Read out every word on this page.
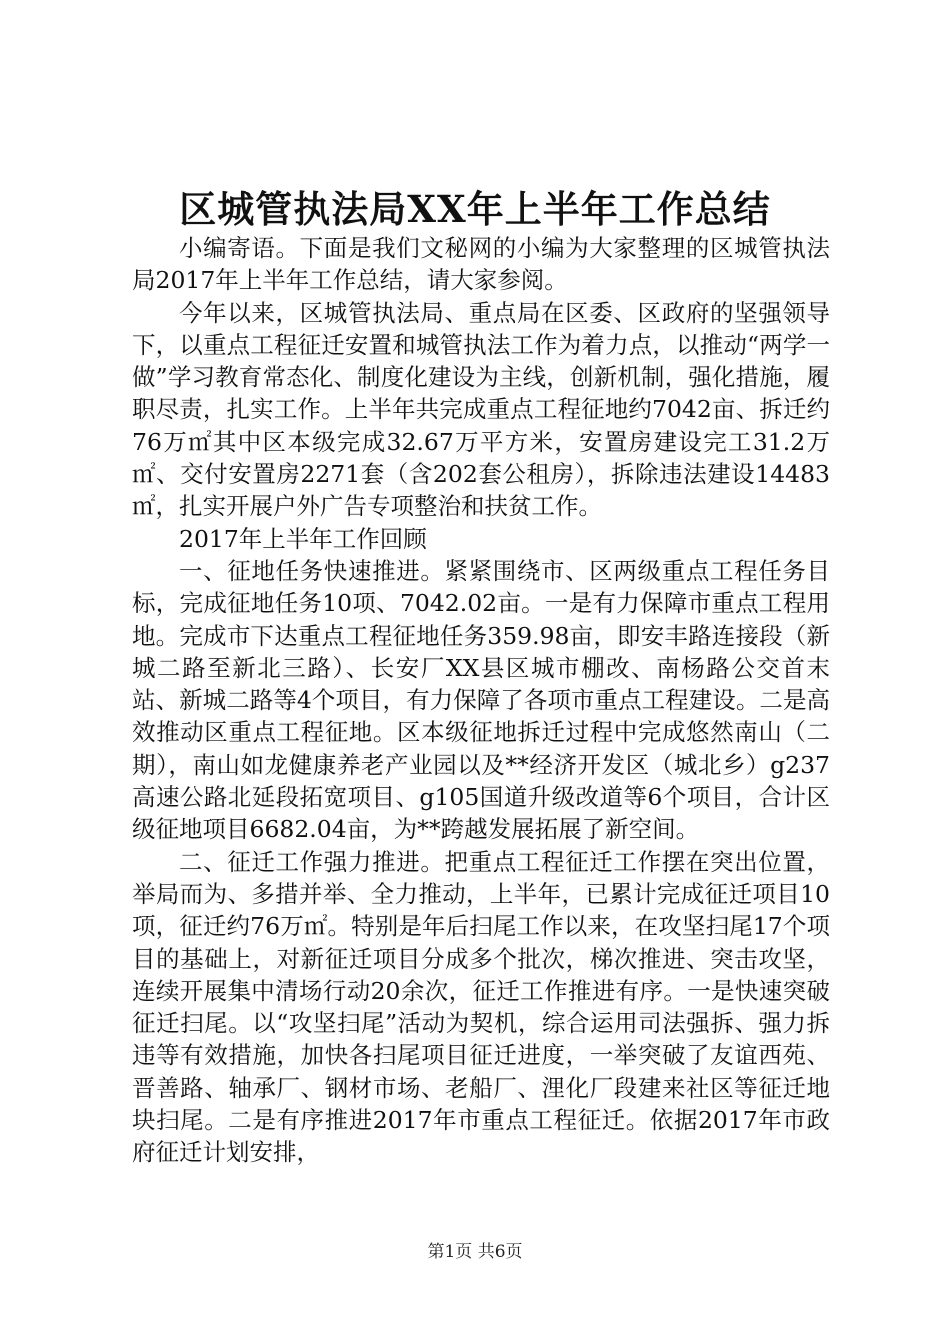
区城管执法局XX年上半年工作总结

小编寄语。下面是我们文秘网的小编为大家整理的区城管执法局2017年上半年工作总结，请大家参阅。

今年以来，区城管执法局、重点局在区委、区政府的坚强领导下，以重点工程征迁安置和城管执法工作为着力点，以推动“两学一做”学习教育常态化、制度化建设为主线，创新机制，强化措施，履职尽责，扎实工作。上半年共完成重点工程征地约7042亩、拆迁约76万㎡其中区本级完成32.67万平方米，安置房建设完工31.2万㎡、交付安置房2271套（含202套公租房），拆除违法建设14483㎡，扎实开展户外广告专项整治和扶贫工作。

2017年上半年工作回顾

一、征地任务快速推进。紧紧围绕市、区两级重点工程任务目标，完成征地任务10项、7042.02亩。一是有力保障市重点工程用地。完成市下达重点工程征地任务359.98亩，即安丰路连接段（新城二路至新北三路）、长安厂XX县区城市棚改、南杨路公交首末站、新城二路等4个项目，有力保障了各项市重点工程建设。二是高效推动区重点工程征地。区本级征地拆迁过程中完成悠然南山（二期），南山如龙健康养老产业园以及**经济开发区（城北乡）g237高速公路北延段拓宽项目、g105国道升级改道等6个项目，合计区级征地项目6682.04亩，为**跨越发展拓展了新空间。

二、征迁工作强力推进。把重点工程征迁工作摆在突出位置，举局而为、多措并举、全力推动，上半年，已累计完成征迁项目10项，征迁约76万㎡。特别是年后扫尾工作以来，在攻坚扫尾17个项目的基础上，对新征迁项目分成多个批次，梯次推进、突击攻坚，连续开展集中清场行动20余次，征迁工作推进有序。一是快速突破征迁扫尾。以“攻坚扫尾”活动为契机，综合运用司法强拆、强力拆违等有效措施，加快各扫尾项目征迁进度，一举突破了友谊西苑、晋善路、轴承厂、钢材市场、老船厂、浬化厂段建来社区等征迁地块扫尾。二是有序推进2017年市重点工程征迁。依据2017年市政府征迁计划安排，

第1页 共6页
